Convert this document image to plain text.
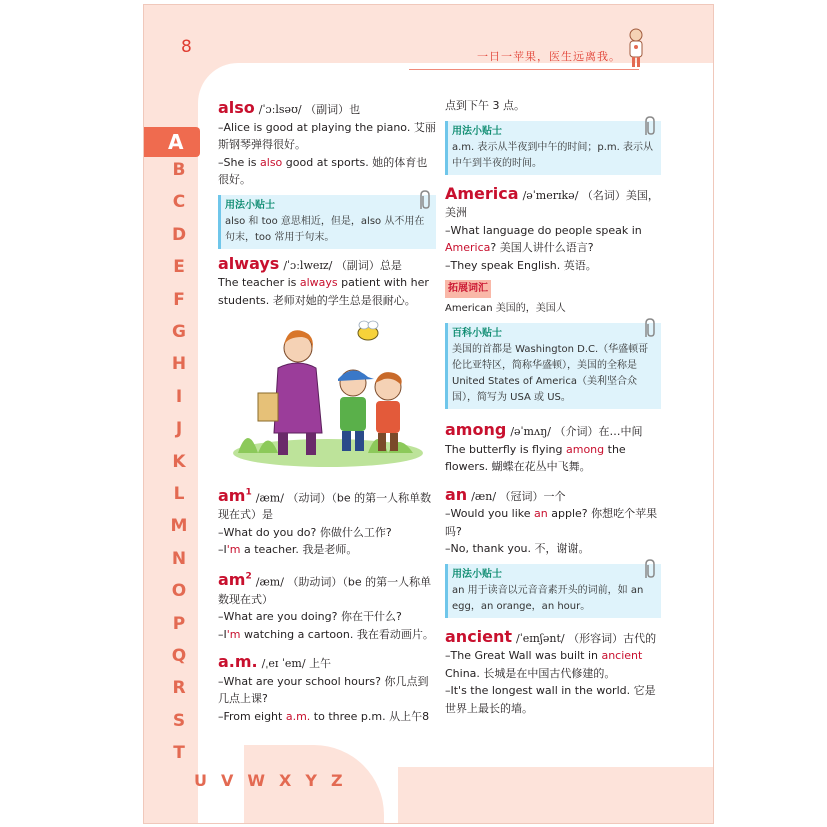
8	一日一苹果，医生远离我。
A
B
C
D
E
F
G
H
I
J
K
L
M
N
O
P
Q
R
S
T
UVWXYZ
also /ˈɔːlsəʊ/ （副词）也
–Alice is good at playing the piano. 艾丽斯钢琴弹得很好。
–She is also good at sports. 她的体育也很好。
用法小贴士
also 和 too 意思相近，但是，also 从不用在句末，too 常用于句末。
always /ˈɔːlweɪz/ （副词）总是
The teacher is always patient with her students. 老师对她的学生总是很耐心。
$am^1$ /æm/ （动词）（be 的第一人称单数现在式）是
–What do you do? 你做什么工作?
–I'm a teacher. 我是老师。
$am^2$ /æm/ （助动词）（be 的第一人称单数现在式）
–What are you doing? 你在干什么?
–I'm watching a cartoon. 我在看动画片。
a.m. /ˌeɪ ˈem/ 上午
–What are your school hours? 你几点到几点上课?
–From eight a.m. to three p.m. 从上午8
点到下午 3 点。
用法小贴士
a.m. 表示从半夜到中午的时间；p.m. 表示从中午到半夜的时间。
America /əˈmerɪkə/ （名词）美国，美洲
–What language do people speak in America? 美国人讲什么语言?
–They speak English. 英语。
拓展词汇
American 美国的，美国人
百科小贴士
美国的首都是 Washington D.C.（华盛顿哥伦比亚特区，简称华盛顿），美国的全称是 United States of America（美利坚合众国），简写为 USA 或 US。
among /əˈmʌŋ/ （介词）在…中间
The butterfly is flying among the flowers. 蝴蝶在花丛中飞舞。
an /æn/ （冠词）一个
–Would you like an apple? 你想吃个苹果吗?
–No, thank you. 不，谢谢。
用法小贴士
an 用于读音以元音音素开头的词前，如 an egg，an orange，an hour。
ancient /ˈeɪnʃənt/ （形容词）古代的
–The Great Wall was built in ancient China. 长城是在中国古代修建的。
–It's the longest wall in the world. 它是世界上最长的墙。
